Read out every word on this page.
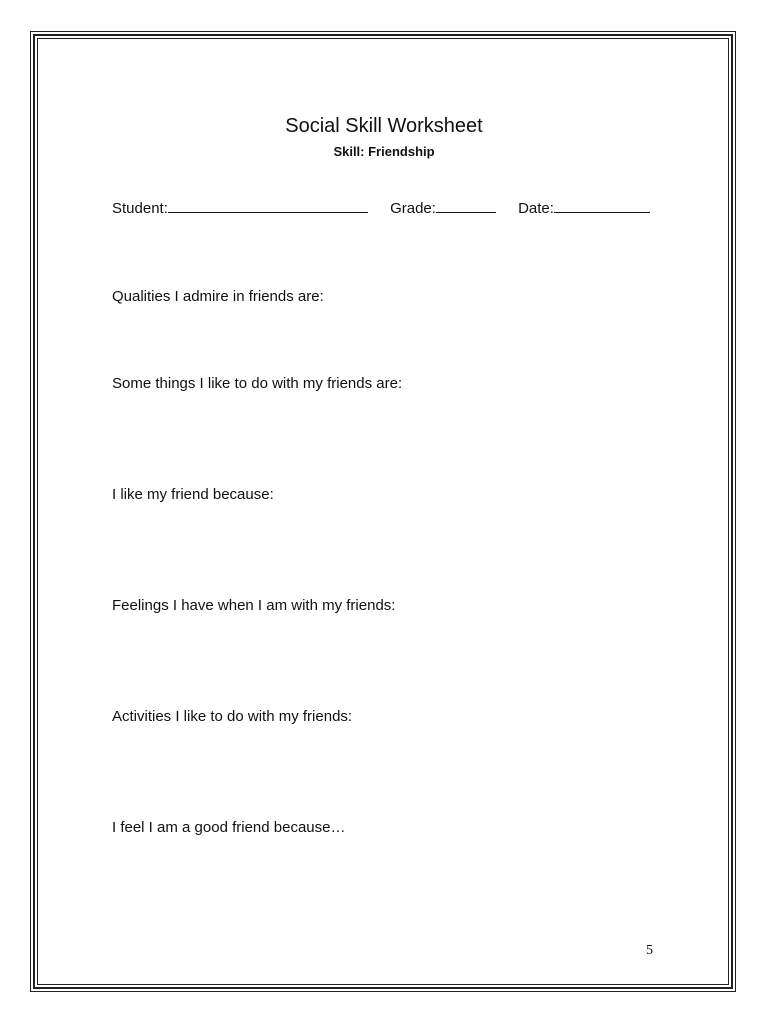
Social Skill Worksheet
Skill: Friendship
Student:	Grade:	Date:
Qualities I admire in friends are:
Some things I like to do with my friends are:
I like my friend because:
Feelings I have when I am with my friends:
Activities I like to do with my friends:
I feel I am a good friend because…
5
